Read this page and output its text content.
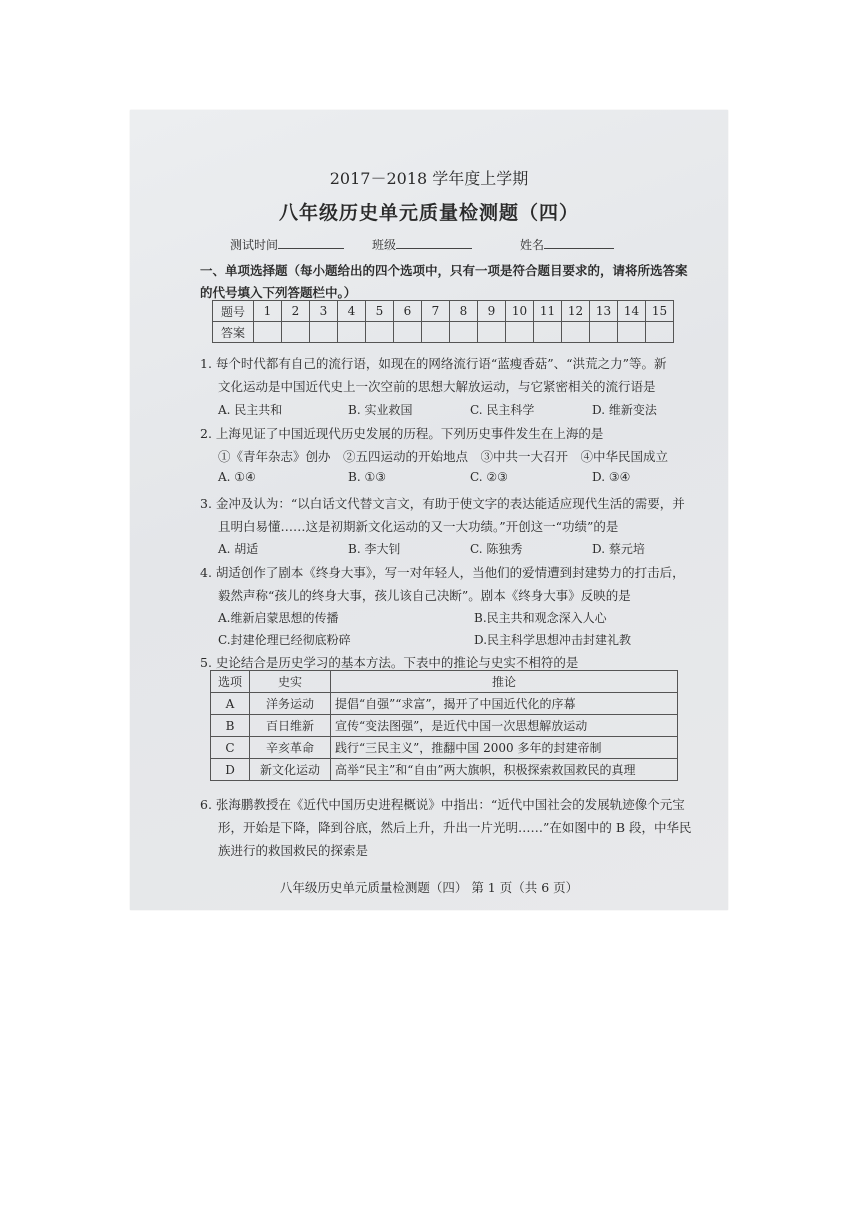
2017－2018 学年度上学期
八年级历史单元质量检测题（四）
测试时间	班级	姓名
一、单项选择题（每小题给出的四个选项中，只有一项是符合题目要求的，请将所选答案
的代号填入下列答题栏中。）
题号	1	2	3	4	5	6	7	8	9	10	11	12	13	14	15
答案															
1. 每个时代都有自己的流行语，如现在的网络流行语“蓝瘦香菇”、“洪荒之力”等。新
文化运动是中国近代史上一次空前的思想大解放运动，与它紧密相关的流行语是
A. 民主共和	B. 实业救国	C. 民主科学	D. 维新变法
2. 上海见证了中国近现代历史发展的历程。下列历史事件发生在上海的是
①《青年杂志》创办　②五四运动的开始地点　③中共一大召开　④中华民国成立
A. ①④	B. ①③	C. ②③	D. ③④
3. 金冲及认为：“以白话文代替文言文，有助于使文字的表达能适应现代生活的需要，并
且明白易懂……这是初期新文化运动的又一大功绩。”开创这一“功绩”的是
A. 胡适	B. 李大钊	C. 陈独秀	D. 蔡元培
4. 胡适创作了剧本《终身大事》，写一对年轻人，当他们的爱情遭到封建势力的打击后，
毅然声称“孩儿的终身大事，孩儿该自己决断”。剧本《终身大事》反映的是
A.维新启蒙思想的传播	B.民主共和观念深入人心
C.封建伦理已经彻底粉碎	D.民主科学思想冲击封建礼教
5. 史论结合是历史学习的基本方法。下表中的推论与史实不相符的是
选项	史实	推论
A	洋务运动	提倡“自强”“求富”，揭开了中国近代化的序幕
B	百日维新	宣传“变法图强”，是近代中国一次思想解放运动
C	辛亥革命	践行“三民主义”，推翻中国 2000 多年的封建帝制
D	新文化运动	高举“民主”和“自由”两大旗帜，积极探索救国救民的真理
6. 张海鹏教授在《近代中国历史进程概说》中指出：“近代中国社会的发展轨迹像个元宝
形，开始是下降，降到谷底，然后上升，升出一片光明……”在如图中的 B 段，中华民
族进行的救国救民的探索是
八年级历史单元质量检测题（四） 第 1 页（共 6 页）
